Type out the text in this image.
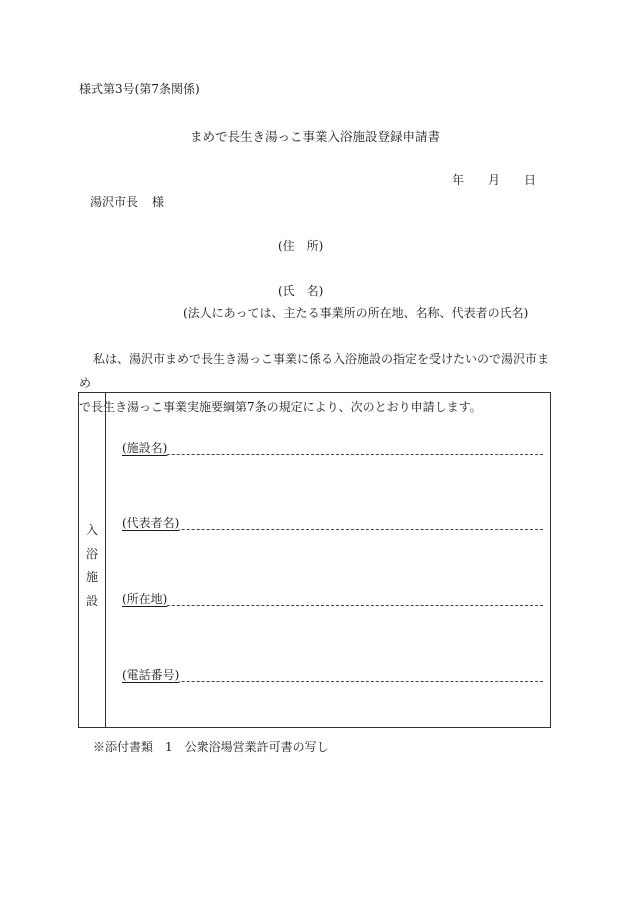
様式第3号(第7条関係)
まめで長生き湯っこ事業入浴施設登録申請書
年 月 日
湯沢市長 様
(住　所)
(氏　名)
(法人にあっては、主たる事業所の所在地、名称、代表者の氏名)

私は、湯沢市まめで長生き湯っこ事業に係る入浴施設の指定を受けたいので湯沢市まめ

で長生き湯っこ事業実施要綱第7条の規定により、次のとおり申請します。

入
浴
施
設
(施設名)
(代表者名)
(所在地)
(電話番号)
※添付書類 1 公衆浴場営業許可書の写し
